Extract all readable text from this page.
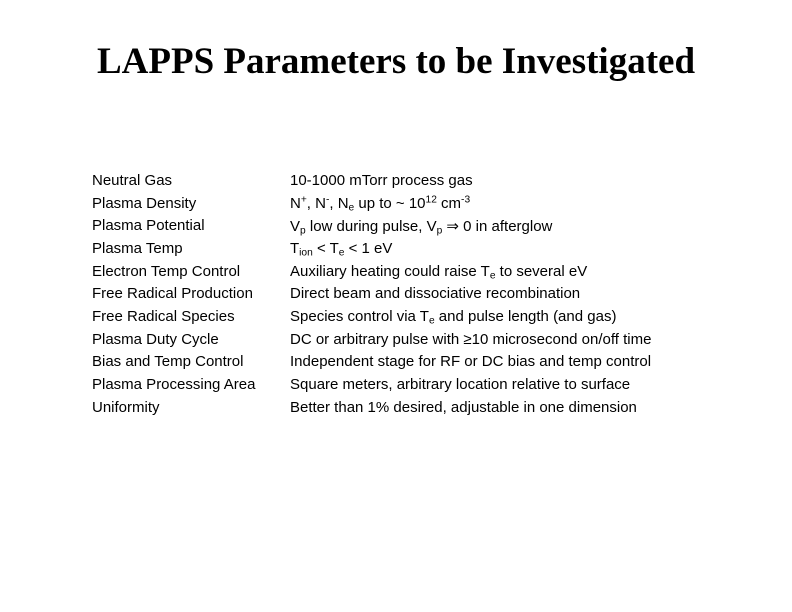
LAPPS Parameters to be Investigated
Neutral Gas	10-1000 mTorr process gas
Plasma Density	N+, N-, $N_e$ up to ~ $10^{12}$ $cm^{-3}$
Plasma Potential	$V_p$ low during pulse, $V_p$ ⇒ 0 in afterglow
Plasma Temp	$T_{ion} < T_e < 1$ eV
Electron Temp Control	Auxiliary heating could raise $T_e$ to several eV
Free Radical Production	Direct beam and dissociative recombination
Free Radical Species	Species control via $T_e$ and pulse length (and gas)
Plasma Duty Cycle	DC or arbitrary pulse with ≥10 microsecond on/off time
Bias and Temp Control	Independent stage for RF or DC bias and temp control
Plasma Processing Area	Square meters, arbitrary location relative to surface
Uniformity	Better than 1% desired, adjustable in one dimension
